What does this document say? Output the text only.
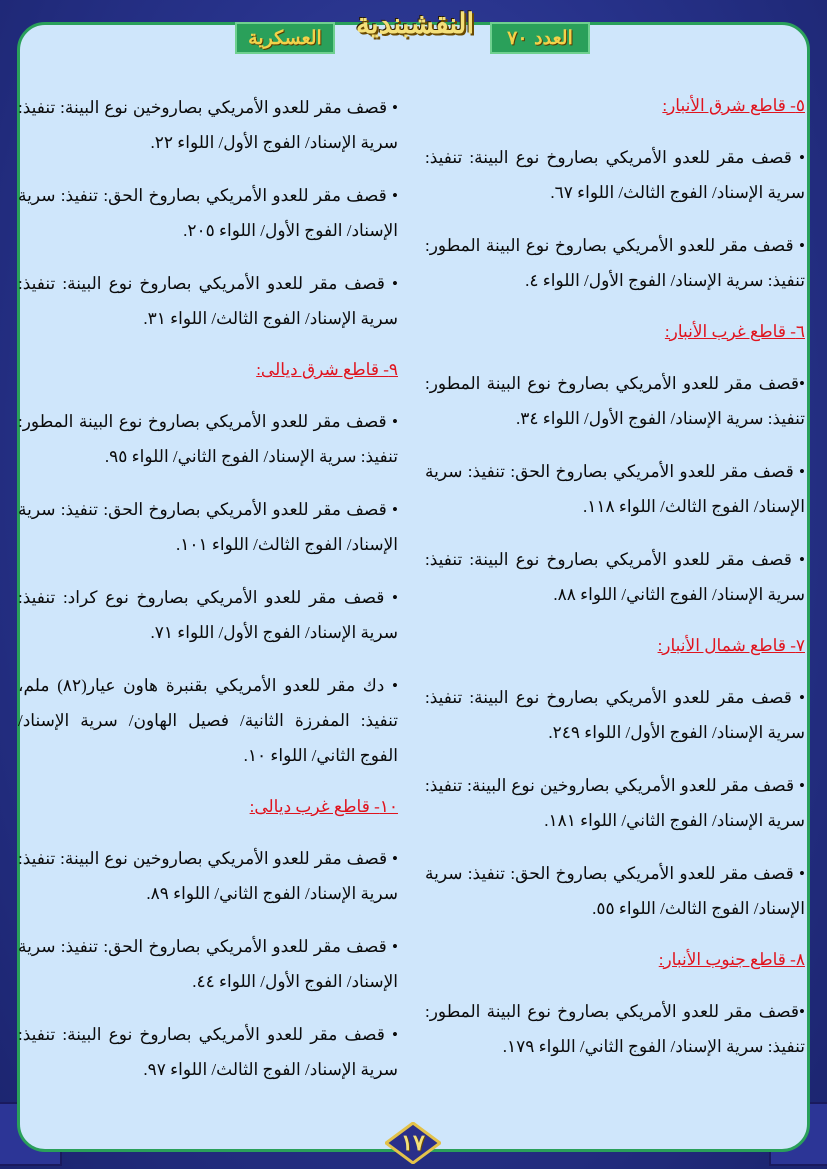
العسكرية	النقشبندية	العدد ٧٠
٥- قاطع شرق الأنبار:

• قصف مقر للعدو الأمريكي بصاروخ نوع البينة: تنفيذ: سرية الإسناد/ الفوج الثالث/ اللواء ٦٧.

• قصف مقر للعدو الأمريكي بصاروخ نوع البينة المطور: تنفيذ: سرية الإسناد/ الفوج الأول/ اللواء ٤.

٦- قاطع غرب الأنبار:

•قصف مقر للعدو الأمريكي بصاروخ نوع البينة المطور: تنفيذ: سرية الإسناد/ الفوج الأول/ اللواء ٣٤.

• قصف مقر للعدو الأمريكي بصاروخ الحق: تنفيذ: سرية الإسناد/ الفوج الثالث/ اللواء ١١٨.

• قصف مقر للعدو الأمريكي بصاروخ نوع البينة: تنفيذ: سرية الإسناد/ الفوج الثاني/ اللواء ٨٨.

٧- قاطع شمال الأنبار:

• قصف مقر للعدو الأمريكي بصاروخ نوع البينة: تنفيذ: سرية الإسناد/ الفوج الأول/ اللواء ٢٤٩.

• قصف مقر للعدو الأمريكي بصاروخين نوع البينة: تنفيذ: سرية الإسناد/ الفوج الثاني/ اللواء ١٨١.

• قصف مقر للعدو الأمريكي بصاروخ الحق: تنفيذ: سرية الإسناد/ الفوج الثالث/ اللواء ٥٥.

٨- قاطع جنوب الأنبار:

•قصف مقر للعدو الأمريكي بصاروخ نوع البينة المطور: تنفيذ: سرية الإسناد/ الفوج الثاني/ اللواء ١٧٩.

• قصف مقر للعدو الأمريكي بصاروخين نوع البينة: تنفيذ: سرية الإسناد/ الفوج الأول/ اللواء ٢٢.

• قصف مقر للعدو الأمريكي بصاروخ الحق: تنفيذ: سرية الإسناد/ الفوج الأول/ اللواء ٢٠٥.

• قصف مقر للعدو الأمريكي بصاروخ نوع البينة: تنفيذ: سرية الإسناد/ الفوج الثالث/ اللواء ٣١.

٩- قاطع شرق ديالى:

• قصف مقر للعدو الأمريكي بصاروخ نوع البينة المطور: تنفيذ: سرية الإسناد/ الفوج الثاني/ اللواء ٩٥.

• قصف مقر للعدو الأمريكي بصاروخ الحق: تنفيذ: سرية الإسناد/ الفوج الثالث/ اللواء ١٠١.

• قصف مقر للعدو الأمريكي بصاروخ نوع كراد: تنفيذ: سرية الإسناد/ الفوج الأول/ اللواء ٧١.

• دك مقر للعدو الأمريكي بقنبرة هاون عيار(٨٢) ملم، تنفيذ: المفرزة الثانية/ فصيل الهاون/ سرية الإسناد/ الفوج الثاني/ اللواء ١٠.

١٠- قاطع غرب ديالى:

• قصف مقر للعدو الأمريكي بصاروخين نوع البينة: تنفيذ: سرية الإسناد/ الفوج الثاني/ اللواء ٨٩.

• قصف مقر للعدو الأمريكي بصاروخ الحق: تنفيذ: سرية الإسناد/ الفوج الأول/ اللواء ٤٤.

• قصف مقر للعدو الأمريكي بصاروخ نوع البينة: تنفيذ: سرية الإسناد/ الفوج الثالث/ اللواء ٩٧.

١٧
